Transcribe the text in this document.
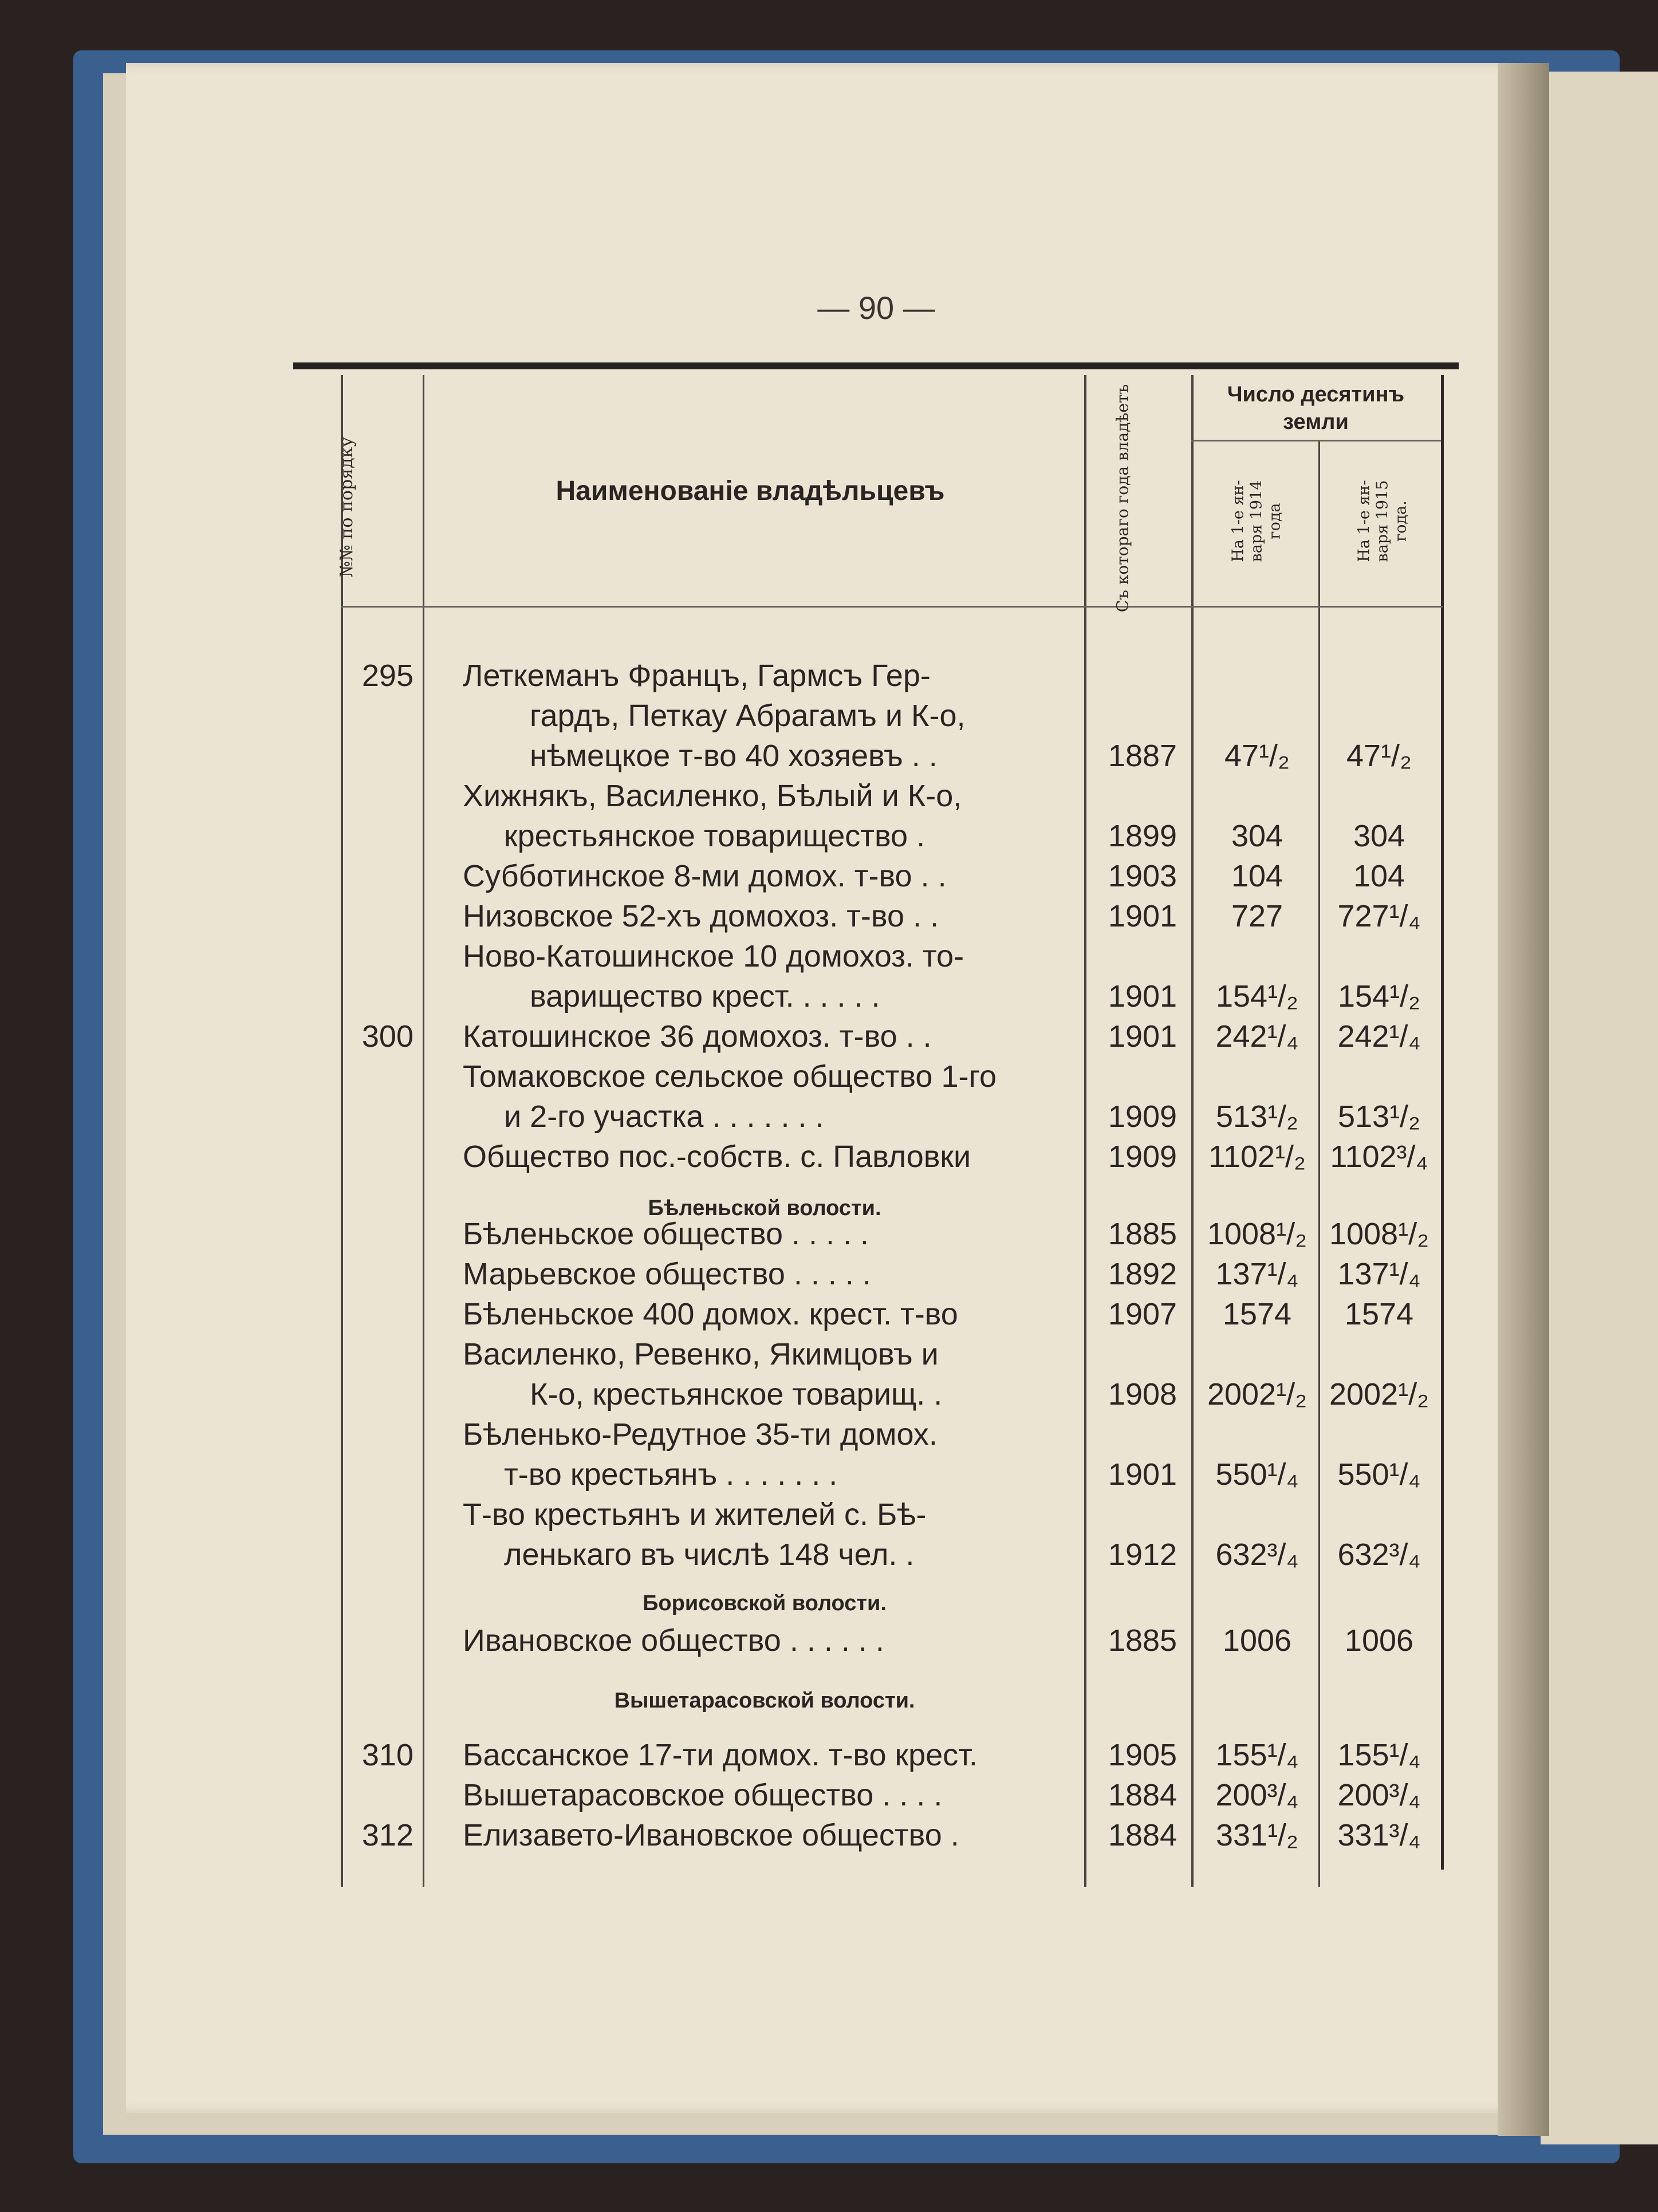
— 90 —
№№ по порядку	Наименованіе владѣльцевъ	Съ котораго года владѣетъ	Число десятинъ земли
На 1-е ян-
варя 1914
года
На 1-е ян-
варя 1915
года.
295 Леткеманъ Францъ, Гармсъ Гер-
гардъ, Петкау Абрагамъ и К-о,
нѣмецкое т-во 40 хозяевъ . .	1887	47¹/₂	47¹/₂
Хижнякъ, Василенко, Бѣлый и К-о,
крестьянское товарищество .	1899	304	304
Субботинское 8-ми домох. т-во . .	1903	104	104
Низовское 52-хъ домохоз. т-во . .	1901	727	727¹/₄
Ново-Катошинское 10 домохоз. то-
варищество крест. . . . . .	1901	154¹/₂	154¹/₂
300 Катошинское 36 домохоз. т-во . .	1901	242¹/₄	242¹/₄
Томаковское сельское общество 1-го
и 2-го участка . . . . . . .	1909	513¹/₂	513¹/₂
Общество пос.-собств. с. Павловки	1909	1102¹/₂ 1102³/₄
Бѣленьской волости.
Бѣленьское общество . . . . .	1885 1008¹/₂ 1008¹/₂
Марьевское общество . . . . .	1892	137¹/₄	137¹/₄
Бѣленьское 400 домох. крест. т-во	1907	1574	1574
Василенко, Ревенко, Якимцовъ и
К-о, крестьянское товарищ. .	1908 2002¹/₂ 2002¹/₂
Бѣленько-Редутное 35-ти домох.
т-во крестьянъ . . . . . . .	1901	550¹/₄	550¹/₄
Т-во крестьянъ и жителей с. Бѣ-
ленькаго въ числѣ 148 чел. .	1912	632³/₄	632³/₄
Борисовской волости.
Ивановское общество . . . . . .	1885	1006	1006
Вышетарасовской волости.
310 Бассанское 17-ти домох. т-во крест.	1905	155¹/₄	155¹/₄
Вышетарасовское общество . . . .	1884	200³/₄	200³/₄
312 Елизавето-Ивановское общество .	1884	331¹/₂	331³/₄
